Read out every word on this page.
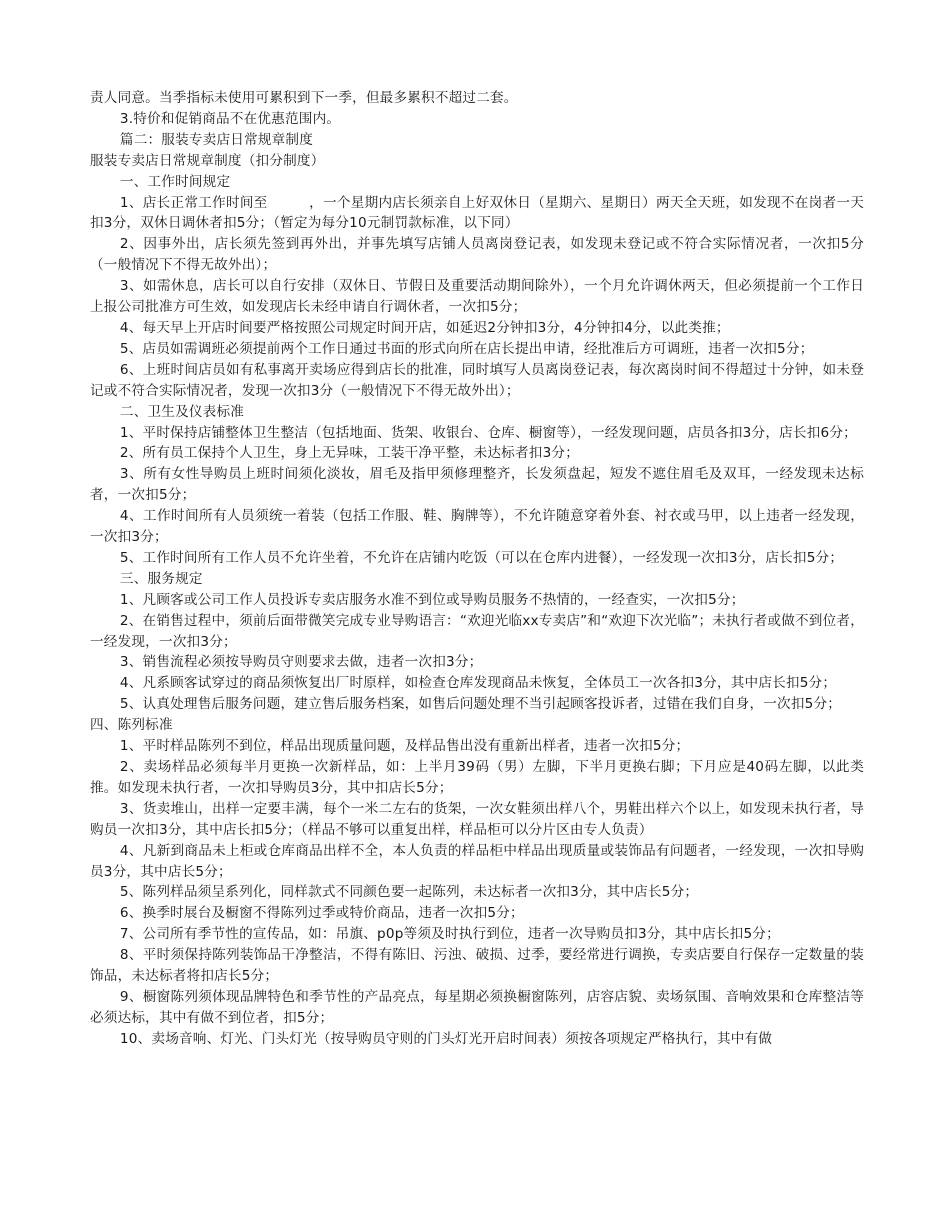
责人同意。当季指标未使用可累积到下一季，但最多累积不超过二套。

3.特价和促销商品不在优惠范围内。

篇二：服装专卖店日常规章制度

服装专卖店日常规章制度（扣分制度）

一、工作时间规定

1、店长正常工作时间至　　　，一个星期内店长须亲自上好双休日（星期六、星期日）两天全天班，如发现不在岗者一天扣3分，双休日调休者扣5分；（暂定为每分10元制罚款标准，以下同）

2、因事外出，店长须先签到再外出，并事先填写店铺人员离岗登记表，如发现未登记或不符合实际情况者，一次扣5分（一般情况下不得无故外出）；

3、如需休息，店长可以自行安排（双休日、节假日及重要活动期间除外），一个月允许调休两天，但必须提前一个工作日上报公司批准方可生效，如发现店长未经申请自行调休者，一次扣5分；

4、每天早上开店时间要严格按照公司规定时间开店，如延迟2分钟扣3分，4分钟扣4分，以此类推；

5、店员如需调班必须提前两个工作日通过书面的形式向所在店长提出申请，经批准后方可调班，违者一次扣5分；

6、上班时间店员如有私事离开卖场应得到店长的批准，同时填写人员离岗登记表，每次离岗时间不得超过十分钟，如未登记或不符合实际情况者，发现一次扣3分（一般情况下不得无故外出）；

二、卫生及仪表标准

1、平时保持店铺整体卫生整洁（包括地面、货架、收银台、仓库、橱窗等），一经发现问题，店员各扣3分，店长扣6分；

2、所有员工保持个人卫生，身上无异味，工装干净平整，未达标者扣3分；

3、所有女性导购员上班时间须化淡妆，眉毛及指甲须修理整齐，长发须盘起，短发不遮住眉毛及双耳，一经发现未达标者，一次扣5分；

4、工作时间所有人员须统一着装（包括工作服、鞋、胸牌等），不允许随意穿着外套、衬衣或马甲，以上违者一经发现，一次扣3分；

5、工作时间所有工作人员不允许坐着，不允许在店铺内吃饭（可以在仓库内进餐），一经发现一次扣3分，店长扣5分；

三、服务规定

1、凡顾客或公司工作人员投诉专卖店服务水准不到位或导购员服务不热情的，一经查实，一次扣5分；

2、在销售过程中，须前后面带微笑完成专业导购语言：“欢迎光临xx专卖店”和“欢迎下次光临”；未执行者或做不到位者，一经发现，一次扣3分；

3、销售流程必须按导购员守则要求去做，违者一次扣3分；

4、凡系顾客试穿过的商品须恢复出厂时原样，如检查仓库发现商品未恢复，全体员工一次各扣3分，其中店长扣5分；

5、认真处理售后服务问题，建立售后服务档案，如售后问题处理不当引起顾客投诉者，过错在我们自身，一次扣5分；

四、陈列标准

1、平时样品陈列不到位，样品出现质量问题，及样品售出没有重新出样者，违者一次扣5分；

2、卖场样品必须每半月更换一次新样品，如：上半月39码（男）左脚，下半月更换右脚；下月应是40码左脚，以此类推。如发现未执行者，一次扣导购员3分，其中扣店长5分；

3、货卖堆山，出样一定要丰满，每个一米二左右的货架，一次女鞋须出样八个，男鞋出样六个以上，如发现未执行者，导购员一次扣3分，其中店长扣5分；（样品不够可以重复出样，样品柜可以分片区由专人负责）

4、凡新到商品未上柜或仓库商品出样不全，本人负责的样品柜中样品出现质量或装饰品有问题者，一经发现，一次扣导购员3分，其中店长5分；

5、陈列样品须呈系列化，同样款式不同颜色要一起陈列，未达标者一次扣3分，其中店长5分；

6、换季时展台及橱窗不得陈列过季或特价商品，违者一次扣5分；

7、公司所有季节性的宣传品，如：吊旗、p0p等须及时执行到位，违者一次导购员扣3分，其中店长扣5分；

8、平时须保持陈列装饰品干净整洁，不得有陈旧、污浊、破损、过季，要经常进行调换，专卖店要自行保存一定数量的装饰品，未达标者将扣店长5分；

9、橱窗陈列须体现品牌特色和季节性的产品亮点，每星期必须换橱窗陈列，店容店貌、卖场氛围、音响效果和仓库整洁等必须达标，其中有做不到位者，扣5分；

10、卖场音响、灯光、门头灯光（按导购员守则的门头灯光开启时间表）须按各项规定严格执行，其中有做
